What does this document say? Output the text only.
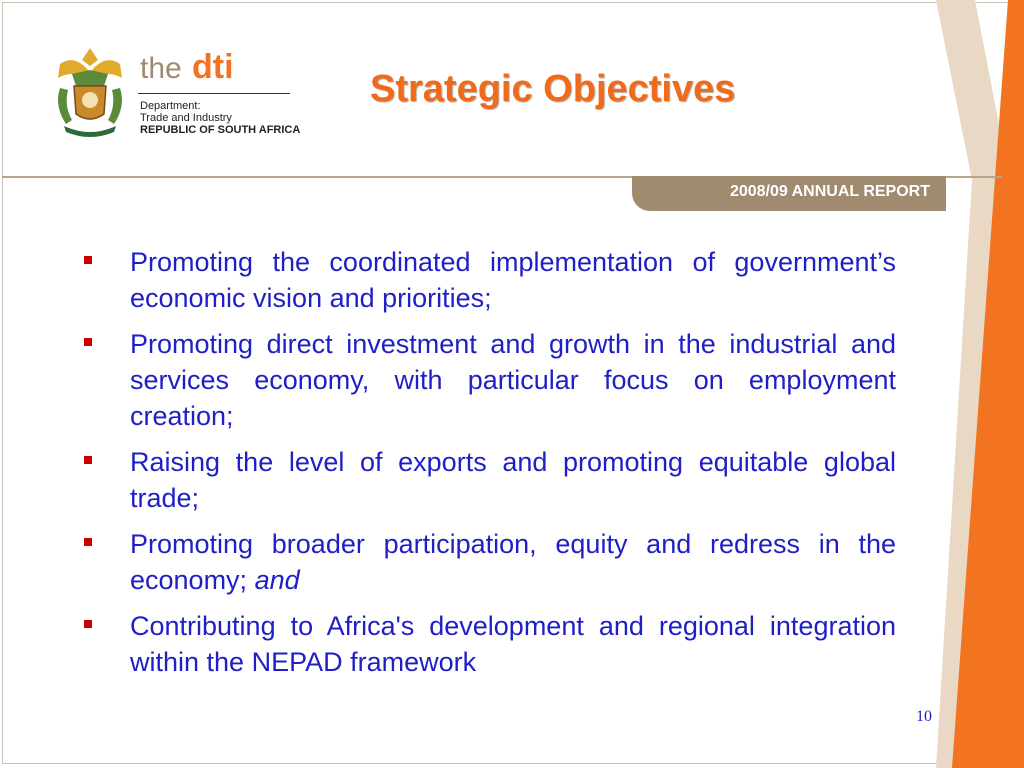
2008/09 ANNUAL REPORT
the dti
Department:
Trade and Industry
REPUBLIC OF SOUTH AFRICA
Strategic Objectives
Promoting the coordinated implementation of government’s economic vision and priorities;
Promoting direct investment and growth in the industrial and services economy, with particular focus on employment creation;
Raising the level of exports and promoting equitable global trade;
Promoting broader participation, equity and redress in the economy; and
Contributing to Africa's development and regional integration within the NEPAD framework
10
